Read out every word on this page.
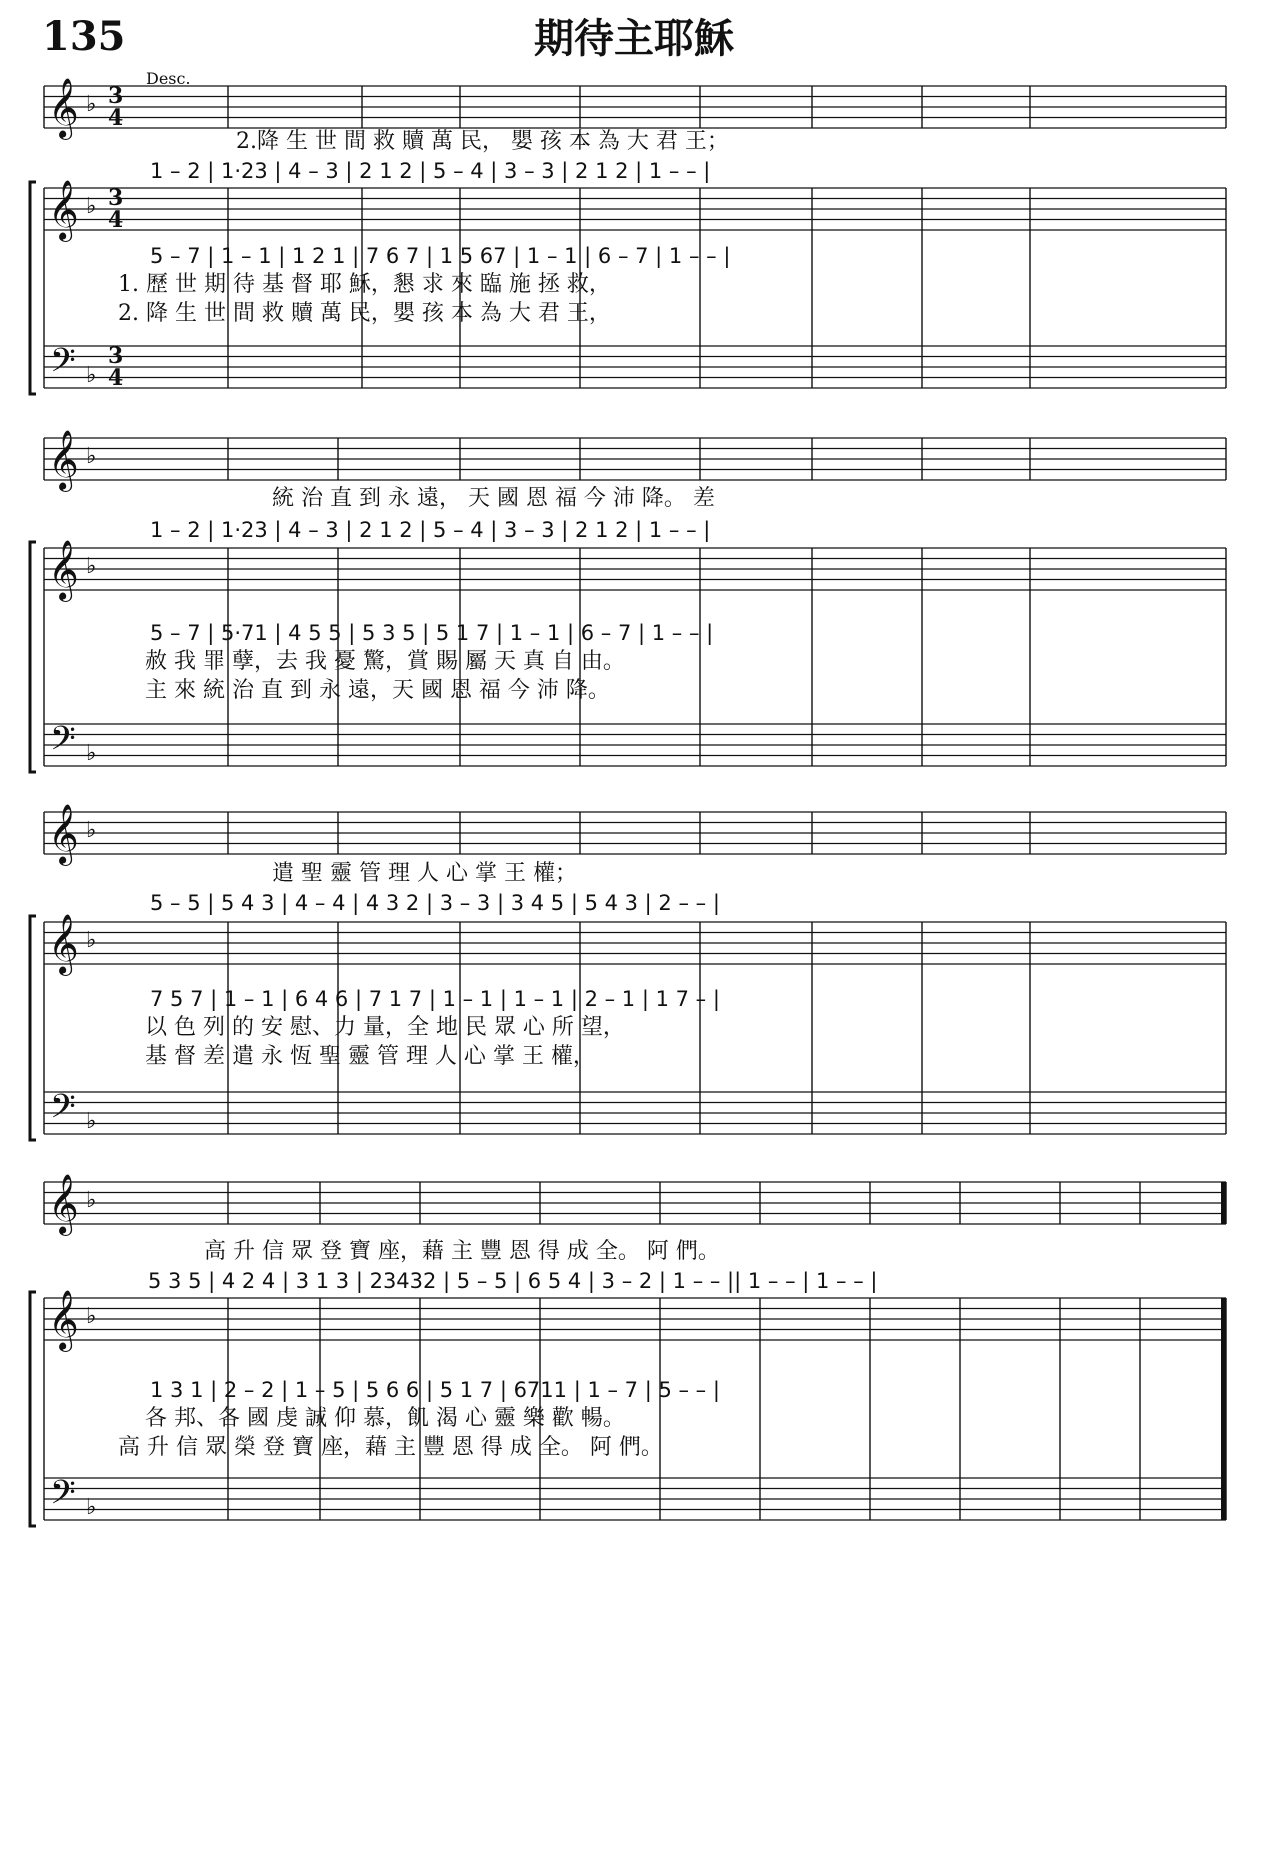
135	期待主耶穌
Desc.
𝄞 ♭
𝄞
𝄢
♭
♭
3
4
3
4
3
4
𝄞 ♭
𝄞
𝄢
♭
♭
𝄞 ♭
𝄞
𝄢
♭
♭
𝄞 ♭
𝄞
𝄢
♭
♭
2.降 生 世 間 救 贖 萬 民， 嬰 孩 本 為 大 君 王；
1 – 2 | 1·23 | 4 – 3 | 2 1 2 | 5 – 4 | 3 – 3 | 2 1 2 | 1 – – |
5 – 7 | 1 – 1 | 1 2 1 | 7 6 7 | 1 5 67 | 1 – 1 | 6 – 7 | 1 – – |
1. 歷 世 期 待 基 督 耶 穌，懇 求 來 臨 施 拯 救，
2. 降 生 世 間 救 贖 萬 民，嬰 孩 本 為 大 君 王，
統 治 直 到 永 遠， 天 國 恩 福 今 沛 降。 差
1 – 2 | 1·23 | 4 – 3 | 2 1 2 | 5 – 4 | 3 – 3 | 2 1 2 | 1 – – |
5 – 7 | 5·71 | 4 5 5 | 5 3 5 | 5 1 7 | 1 – 1 | 6 – 7 | 1 – – |
赦 我 罪 孽，去 我 憂 驚，賞 賜 屬 天 真 自 由。
主 來 統 治 直 到 永 遠，天 國 恩 福 今 沛 降。
遣 聖 靈 管 理 人 心 掌 王 權；
5 – 5 | 5 4 3 | 4 – 4 | 4 3 2 | 3 – 3 | 3 4 5 | 5 4 3 | 2 – – |
7 5 7 | 1 – 1 | 6 4 6 | 7 1 7 | 1 – 1 | 1 – 1 | 2 – 1 | 1 7 – |
以 色 列 的 安 慰、力 量，全 地 民 眾 心 所 望，
基 督 差 遣 永 恆 聖 靈 管 理 人 心 掌 王 權，
高 升 信 眾 登 寶 座，藉 主 豐 恩 得 成 全。 阿 們。
5 3 5 | 4 2 4 | 3 1 3 | 23432 | 5 – 5 | 6 5 4 | 3 – 2 | 1 – – || 1 – – | 1 – – |
1 3 1 | 2 – 2 | 1 – 5 | 5 6 6 | 5 1 7 | 6711 | 1 – 7 | 5 – – |
各 邦、各 國 虔 誠 仰 慕，飢 渴 心 靈 樂 歡 暢。
高 升 信 眾 榮 登 寶 座，藉 主 豐 恩 得 成 全。 阿 們。
